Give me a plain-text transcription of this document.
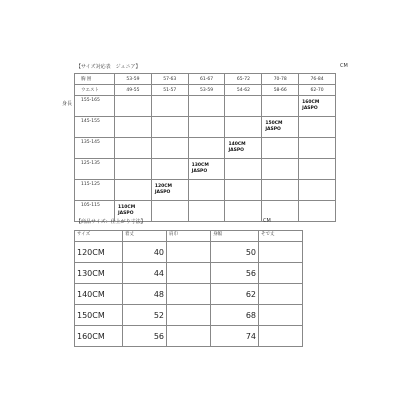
【サイズ対応表　ジュニア】	CM
身長
胸 囲	53-59	57-63	61-67	65-72	70-78	76-84
ウエスト	49-55	51-57	53-59	54-62	58-66	62-70
155-165						160CM
JASPO
145-155					150CM
JASPO	
135-145				140CM
JASPO		
125-135			130CM
JASPO			
115-125		120CM
JASPO				
105-115	110CM
JASPO					
【商品サイズ：仕上がり寸法】	CM
サイズ	着丈	肩巾	身幅	そで丈
120CM	40		50	
130CM	44		56	
140CM	48		62	
150CM	52		68	
160CM	56		74	
